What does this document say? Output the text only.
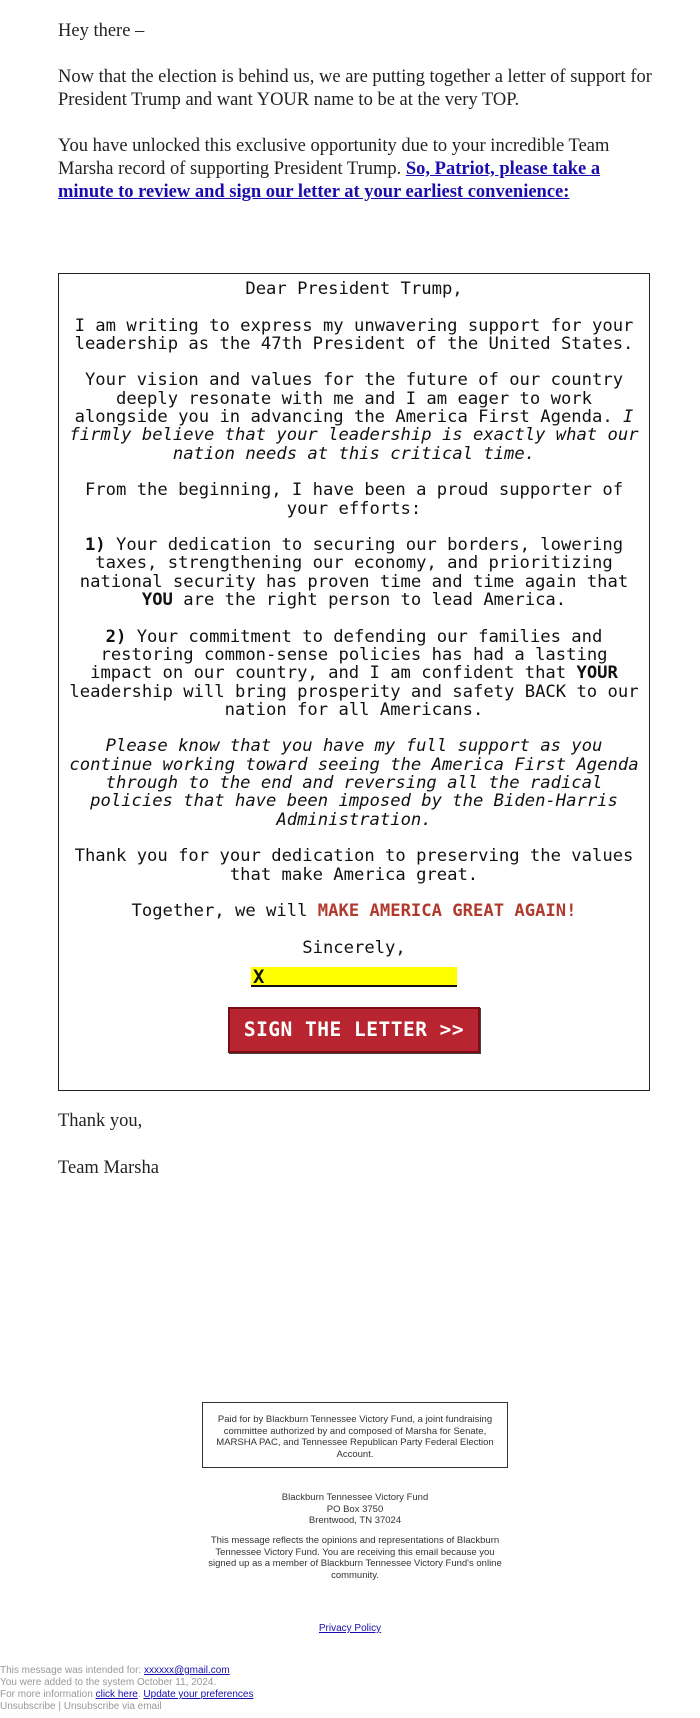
Hey there –

Now that the election is behind us, we are putting together a letter of support for President Trump and want YOUR name to be at the very TOP.

You have unlocked this exclusive opportunity due to your incredible Team Marsha record of supporting President Trump. So, Patriot, please take a minute to review and sign our letter at your earliest convenience:

Dear President Trump,

I am writing to express my unwavering support for your leadership as the 47th President of the United States.

Your vision and values for the future of our country deeply resonate with me and I am eager to work alongside you in advancing the America First Agenda. I firmly believe that your leadership is exactly what our nation needs at this critical time.

From the beginning, I have been a proud supporter of your efforts:

1) Your dedication to securing our borders, lowering taxes, strengthening our economy, and prioritizing national security has proven time and time again that YOU are the right person to lead America.

2) Your commitment to defending our families and restoring common-sense policies has had a lasting impact on our country, and I am confident that YOUR leadership will bring prosperity and safety BACK to our nation for all Americans.

Please know that you have my full support as you continue working toward seeing the America First Agenda through to the end and reversing all the radical policies that have been imposed by the Biden-Harris Administration.

Thank you for your dedication to preserving the values that make America great.

Together, we will MAKE AMERICA GREAT AGAIN!

Sincerely,

X
SIGN THE LETTER >>
Thank you,
Team Marsha
Paid for by Blackburn Tennessee Victory Fund, a joint fundraising committee authorized by and composed of Marsha for Senate, MARSHA PAC, and Tennessee Republican Party Federal Election Account.
Blackburn Tennessee Victory Fund
PO Box 3750
Brentwood, TN 37024
This message reflects the opinions and representations of Blackburn Tennessee Victory Fund. You are receiving this email because you signed up as a member of Blackburn Tennessee Victory Fund's online community.
Privacy Policy
This message was intended for: xxxxxx@gmail.com
You were added to the system October 11, 2024.
For more information click here. Update your preferences
Unsubscribe | Unsubscribe via email
